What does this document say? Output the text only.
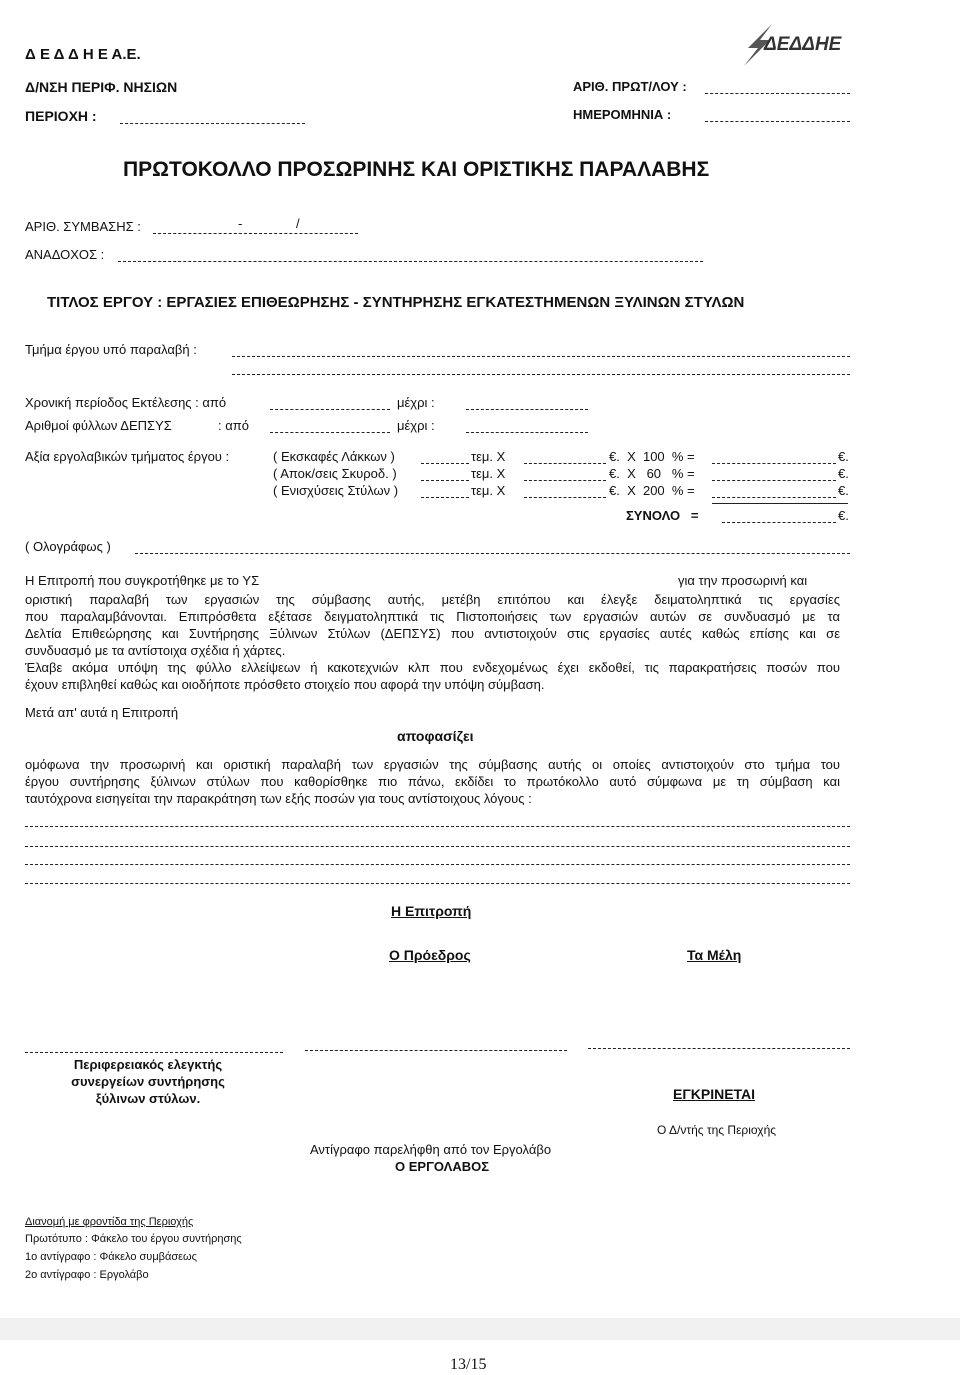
Δ Ε Δ Δ Η Ε Α.Ε.
Δ/ΝΣΗ ΠΕΡΙΦ. ΝΗΣΙΩΝ
ΠΕΡΙΟΧΗ :
ΑΡΙΘ. ΠΡΩΤ/ΛΟΥ :
ΗΜΕΡΟΜΗΝΙΑ :
ΔΕΔΔΗΕ
ΠΡΩΤΟΚΟΛΛΟ ΠΡΟΣΩΡΙΝΗΣ ΚΑΙ ΟΡΙΣΤΙΚΗΣ ΠΑΡΑΛΑΒΗΣ
ΑΡΙΘ. ΣΥΜΒΑΣΗΣ :	-	/
ΑΝΑΔΟΧΟΣ :
ΤΙΤΛΟΣ ΕΡΓΟΥ : ΕΡΓΑΣΙΕΣ ΕΠΙΘΕΩΡΗΣΗΣ - ΣΥΝΤΗΡΗΣΗΣ ΕΓΚΑΤΕΣΤΗΜΕΝΩΝ ΞΥΛΙΝΩΝ ΣΤΥΛΩΝ
Τμήμα έργου υπό παραλαβή :
Χρονική περίοδος Εκτέλεσης : από	μέχρι :
Αριθμοί φύλλων ΔΕΠΣΥΣ	: από	μέχρι :
Αξία εργολαβικών τμήματος έργου :	( Εκσκαφές Λάκκων )	τεμ. Χ	€.  Χ  100  % =	€.
( Αποκ/σεις Σκυροδ. )	τεμ. Χ	€.  Χ   60   % =	€.
( Ενισχύσεις Στύλων )	τεμ. Χ	€.  Χ  200  % =	€.
ΣΥΝΟΛΟ   =	€.
( Ολογράφως )
Η Επιτροπή που συγκροτήθηκε με το ΥΣ	για την προσωρινή και
οριστική παραλαβή των εργασιών της σύμβασης αυτής, μετέβη επιτόπου και έλεγξε δειματοληπτικά τις εργασίες
που παραλαμβάνονται. Επιπρόσθετα εξέτασε δειγματοληπτικά τις Πιστοποιήσεις των εργασιών αυτών σε συνδυασμό με τα
Δελτία Επιθεώρησης και Συντήρησης Ξύλινων Στύλων (ΔΕΠΣΥΣ) που αντιστοιχούν στις εργασίες αυτές καθώς επίσης και σε
συνδυασμό με τα αντίστοιχα σχέδια ή χάρτες.
Έλαβε ακόμα υπόψη της φύλλο ελλείψεων ή κακοτεχνιών κλπ που ενδεχομένως έχει εκδοθεί, τις παρακρατήσεις ποσών που
έχουν επιβληθεί καθώς και οιοδήποτε πρόσθετο στοιχείο που αφορά την υπόψη σύμβαση.
Μετά απ' αυτά η Επιτροπή
αποφασίζει
ομόφωνα την προσωρινή και οριστική παραλαβή των εργασιών της σύμβασης αυτής οι οποίες αντιστοιχούν στο τμήμα του
έργου συντήρησης ξύλινων στύλων που καθορίσθηκε πιο πάνω, εκδίδει το πρωτόκολλο αυτό σύμφωνα με τη σύμβαση και
ταυτόχρονα εισηγείται την παρακράτηση των εξής ποσών για τους αντίστοιχους λόγους :
Η Επιτροπή
Ο Πρόεδρος	Τα Μέλη
Περιφερειακός ελεγκτής
συνεργείων συντήρησης
ξύλινων στύλων.	ΕΓΚΡΙΝΕΤΑΙ
Ο Δ/ντής της Περιοχής
Αντίγραφο παρελήφθη από τον Εργολάβο
Ο ΕΡΓΟΛΑΒΟΣ
Διανομή με φροντίδα της Περιοχής
Πρωτότυπο : Φάκελο του έργου συντήρησης
1ο αντίγραφο : Φάκελο συμβάσεως
2ο αντίγραφο : Εργολάβο
13/15
